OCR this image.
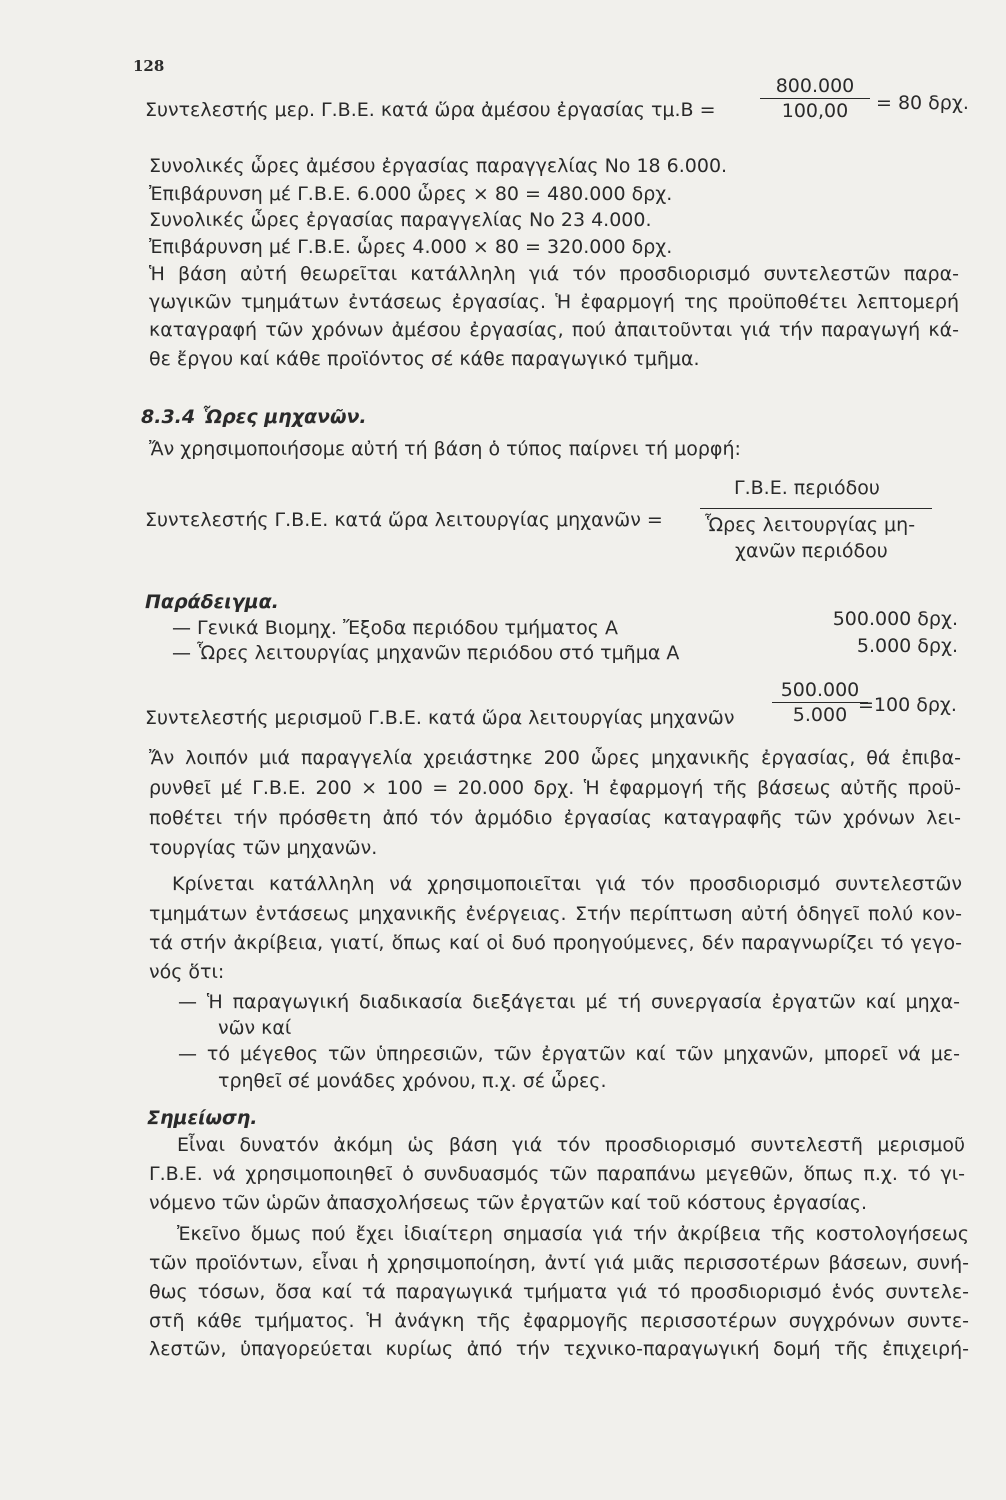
128
Συντελεστής μερ. Γ.Β.Ε. κατά ὥρα ἀμέσου ἐργασίας $\tau\mu.B = \frac{800.000}{100,00} = 80$ δρχ.
Συνολικές ὧρες ἀμέσου ἐργασίας παραγγελίας Νο 18 6.000.
Ἐπιβάρυνση μέ Γ.Β.Ε. 6.000 ὧρες × 80 = 480.000 δρχ.
Συνολικές ὧρες ἐργασίας παραγγελίας Νο 23 4.000.
Ἐπιβάρυνση μέ Γ.Β.Ε. ὧρες 4.000 × 80 = 320.000 δρχ.
Ἡ βάση αὐτή θεωρεῖται κατάλληλη γιά τόν προσδιορισμό συντελεστῶν παρα-
γωγικῶν τμημάτων ἐντάσεως ἐργασίας. Ἡ ἐφαρμογή της προϋποθέτει λεπτομερή
καταγραφή τῶν χρόνων ἀμέσου ἐργασίας, πού ἀπαιτοῦνται γιά τήν παραγωγή κά-
θε ἔργου καί κάθε προϊόντος σέ κάθε παραγωγικό τμῆμα.
8.3.4 Ὧρες μηχανῶν.
Ἄν χρησιμοποιήσομε αὐτή τή βάση ὁ τύπος παίρνει τή μορφή:
Συντελεστής Γ.Β.Ε. κατά ὥρα λειτουργίας μηχανῶν =
Γ.Β.Ε. περιόδου
Ὧρες λειτουργίας μη-
χανῶν περιόδου
Παράδειγμα.
— Γενικά Βιομηχ. Ἔξοδα περιόδου τμήματος Α	500.000 δρχ.
— Ὧρες λειτουργίας μηχανῶν περιόδου στό τμῆμα Α	5.000 δρχ.
Συντελεστής μερισμοῦ Γ.Β.Ε. κατά ὥρα λειτουργίας μηχανῶν $\frac{500.000}{5.000}$
=100 δρχ.
Ἄν λοιπόν μιά παραγγελία χρειάστηκε 200 ὧρες μηχανικῆς ἐργασίας, θά ἐπιβα-
ρυνθεῖ μέ Γ.Β.Ε. 200 × 100 = 20.000 δρχ. Ἡ ἐφαρμογή τῆς βάσεως αὐτῆς προϋ-
ποθέτει τήν πρόσθετη ἀπό τόν ἁρμόδιο ἐργασίας καταγραφῆς τῶν χρόνων λει-
τουργίας τῶν μηχανῶν.
Κρίνεται κατάλληλη νά χρησιμοποιεῖται γιά τόν προσδιορισμό συντελεστῶν
τμημάτων ἐντάσεως μηχανικῆς ἐνέργειας. Στήν περίπτωση αὐτή ὁδηγεῖ πολύ κον-
τά στήν ἀκρίβεια, γιατί, ὅπως καί οἱ δυό προηγούμενες, δέν παραγνωρίζει τό γεγο-
νός ὅτι:
— Ἡ παραγωγική διαδικασία διεξάγεται μέ τή συνεργασία ἐργατῶν καί μηχα-
νῶν καί
— τό μέγεθος τῶν ὑπηρεσιῶν, τῶν ἐργατῶν καί τῶν μηχανῶν, μπορεῖ νά με-
τρηθεῖ σέ μονάδες χρόνου, π.χ. σέ ὧρες.
Σημείωση.
Εἶναι δυνατόν ἀκόμη ὡς βάση γιά τόν προσδιορισμό συντελεστῆ μερισμοῦ
Γ.Β.Ε. νά χρησιμοποιηθεῖ ὁ συνδυασμός τῶν παραπάνω μεγεθῶν, ὅπως π.χ. τό γι-
νόμενο τῶν ὡρῶν ἀπασχολήσεως τῶν ἐργατῶν καί τοῦ κόστους ἐργασίας.
Ἐκεῖνο ὅμως πού ἔχει ἰδιαίτερη σημασία γιά τήν ἀκρίβεια τῆς κοστολογήσεως
τῶν προϊόντων, εἶναι ἡ χρησιμοποίηση, ἀντί γιά μιᾶς περισσοτέρων βάσεων, συνή-
θως τόσων, ὅσα καί τά παραγωγικά τμήματα γιά τό προσδιορισμό ἑνός συντελε-
στῆ κάθε τμήματος. Ἡ ἀνάγκη τῆς ἐφαρμογῆς περισσοτέρων συγχρόνων συντε-
λεστῶν, ὑπαγορεύεται κυρίως ἀπό τήν τεχνικο-παραγωγική δομή τῆς ἐπιχειρή-
